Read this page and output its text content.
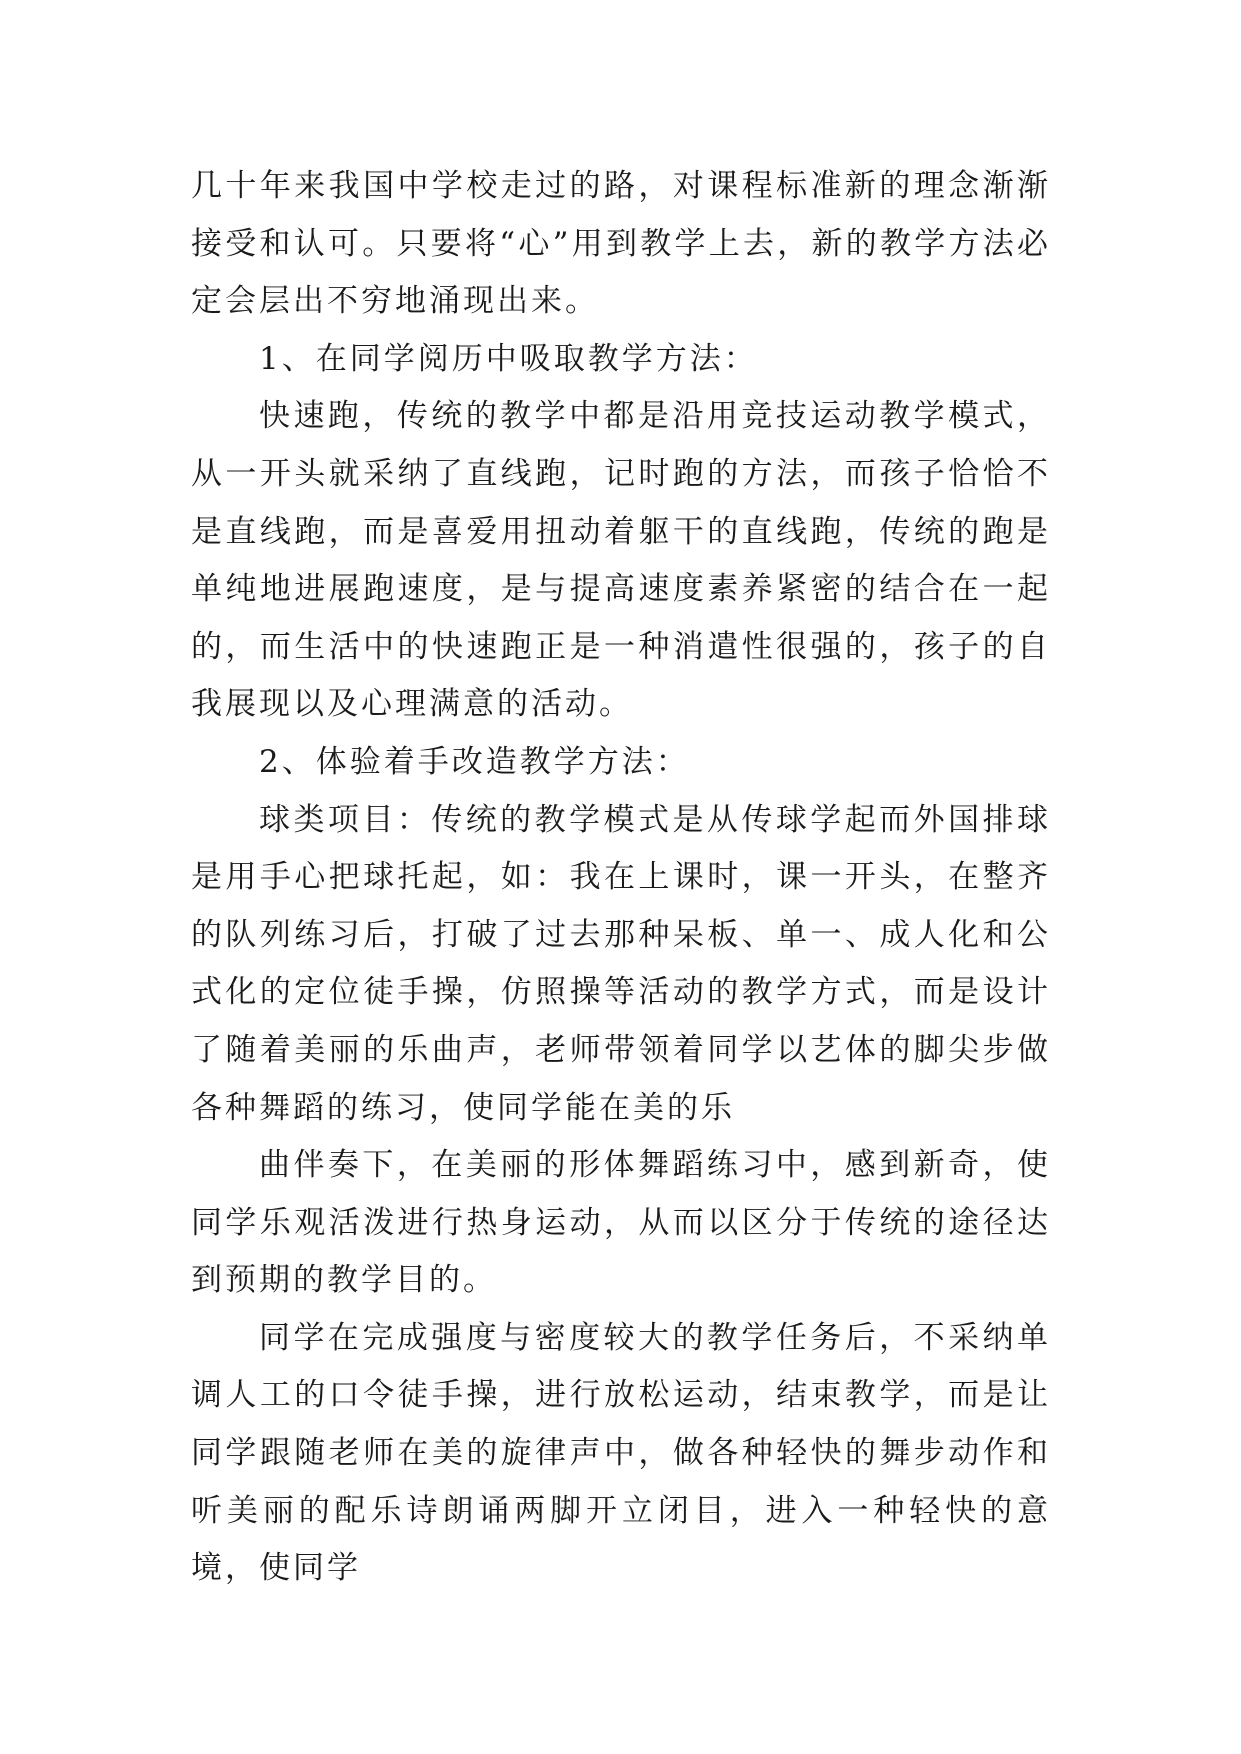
几十年来我国中学校走过的路，对课程标准新的理念渐渐接受和认可。只要将“心”用到教学上去，新的教学方法必定会层出不穷地涌现出来。

1、在同学阅历中吸取教学方法：

快速跑，传统的教学中都是沿用竞技运动教学模式，从一开头就采纳了直线跑，记时跑的方法，而孩子恰恰不是直线跑，而是喜爱用扭动着躯干的直线跑，传统的跑是单纯地进展跑速度，是与提高速度素养紧密的结合在一起的，而生活中的快速跑正是一种消遣性很强的，孩子的自我展现以及心理满意的活动。

2、体验着手改造教学方法：

球类项目：传统的教学模式是从传球学起而外国排球是用手心把球托起，如：我在上课时，课一开头，在整齐的队列练习后，打破了过去那种呆板、单一、成人化和公式化的定位徒手操，仿照操等活动的教学方式，而是设计了随着美丽的乐曲声，老师带领着同学以艺体的脚尖步做各种舞蹈的练习，使同学能在美的乐

曲伴奏下，在美丽的形体舞蹈练习中，感到新奇，使同学乐观活泼进行热身运动，从而以区分于传统的途径达到预期的教学目的。

同学在完成强度与密度较大的教学任务后，不采纳单调人工的口令徒手操，进行放松运动，结束教学，而是让同学跟随老师在美的旋律声中，做各种轻快的舞步动作和听美丽的配乐诗朗诵两脚开立闭目，进入一种轻快的意境，使同学
